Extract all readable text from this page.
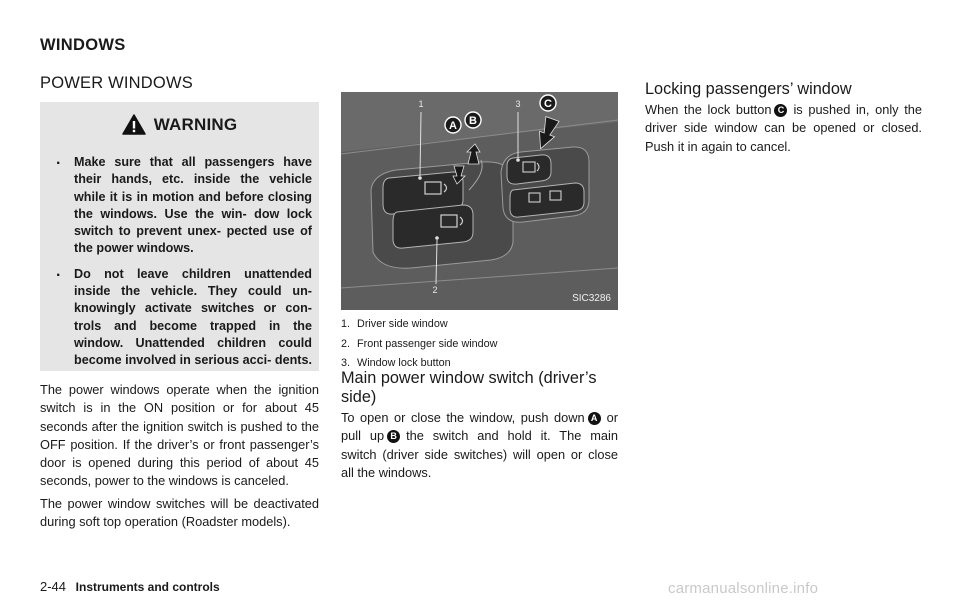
WINDOWS
POWER WINDOWS
WARNING
. Make sure that all passengers have their hands, etc. inside the vehicle while it is in motion and before closing the windows. Use the win- dow lock switch to prevent unex- pected use of the power windows.
. Do not leave children unattended inside the vehicle. They could un- knowingly activate switches or con- trols and become trapped in the window. Unattended children could become involved in serious acci- dents.

The power windows operate when the ignition switch is in the ON position or for about 45 seconds after the ignition switch is pushed to the OFF position. If the driver’s or front passenger’s door is opened during this period of about 45 seconds, power to the windows is canceled.

The power window switches will be deactivated during soft top operation (Roadster models).

A B
C
1
2
3
SIC3286
1. Driver side window
2. Front passenger side window
3. Window lock button
Main power window switch (driver’s side)

To open or close the window, push down A or pull up B the switch and hold it. The main switch (driver side switches) will open or close all the windows.

Locking passengers’ window

When the lock button C is pushed in, only the driver side window can be opened or closed. Push it in again to cancel.

2-44 Instruments and controls	carmanualsonline.info
